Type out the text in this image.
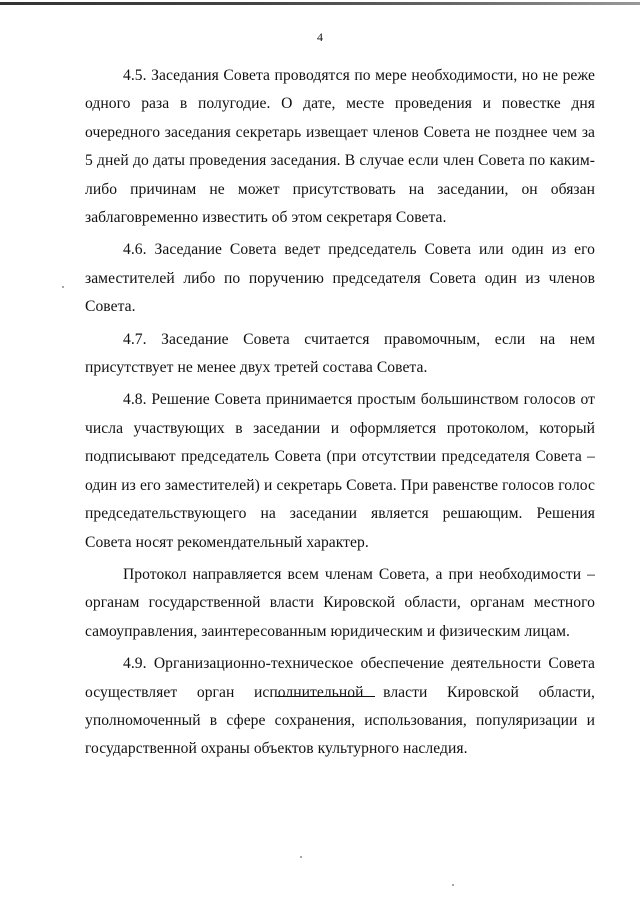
4

4.5. Заседания Совета проводятся по мере необходимости, но не реже одного раза в полугодие. О дате, месте проведения и повестке дня очередного заседания секретарь извещает членов Совета не позднее чем за 5 дней до даты проведения заседания. В случае если член Совета по каким-либо причинам не может присутствовать на заседании, он обязан заблаговременно известить об этом секретаря Совета.

4.6. Заседание Совета ведет председатель Совета или один из его заместителей либо по поручению председателя Совета один из членов Совета.

4.7. Заседание Совета считается правомочным, если на нем присутствует не менее двух третей состава Совета.

4.8. Решение Совета принимается простым большинством голосов от числа участвующих в заседании и оформляется протоколом, который подписывают председатель Совета (при отсутствии председателя Совета – один из его заместителей) и секретарь Совета. При равенстве голосов голос председательствующего на заседании является решающим. Решения Совета носят рекомендательный характер.

Протокол направляется всем членам Совета, а при необходимости – органам государственной власти Кировской области, органам местного самоуправления, заинтересованным юридическим и физическим лицам.

4.9. Организационно-техническое обеспечение деятельности Совета осуществляет орган исполнительной власти Кировской области, уполномоченный в сфере сохранения, использования, популяризации и государственной охраны объектов культурного наследия.
